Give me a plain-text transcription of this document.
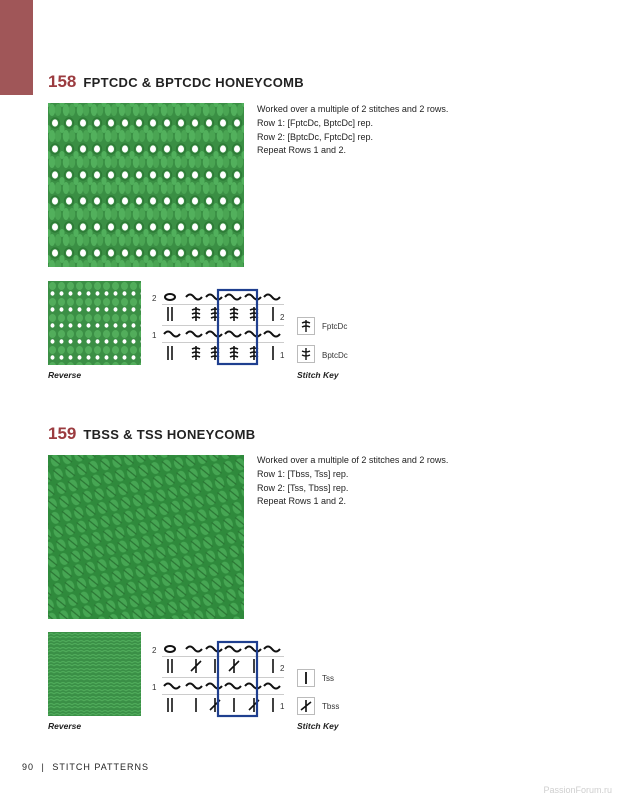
158 FPTCDC & BPTCDC HONEYCOMB
Worked over a multiple of 2 stitches and 2 rows.
Row 1: [FptcDc, BptcDc] rep.
Row 2: [BptcDc, FptcDc] rep.
Repeat Rows 1 and 2.
Reverse
2
1
2
1
FptcDc
BptcDc
Stitch Key
159 TBSS & TSS HONEYCOMB
Worked over a multiple of 2 stitches and 2 rows.
Row 1: [Tbss, Tss] rep.
Row 2: [Tss, Tbss] rep.
Repeat Rows 1 and 2.
Reverse
2
1
2
1
Tss
Tbss
Stitch Key
90 | STITCH PATTERNS
PassionForum.ru
